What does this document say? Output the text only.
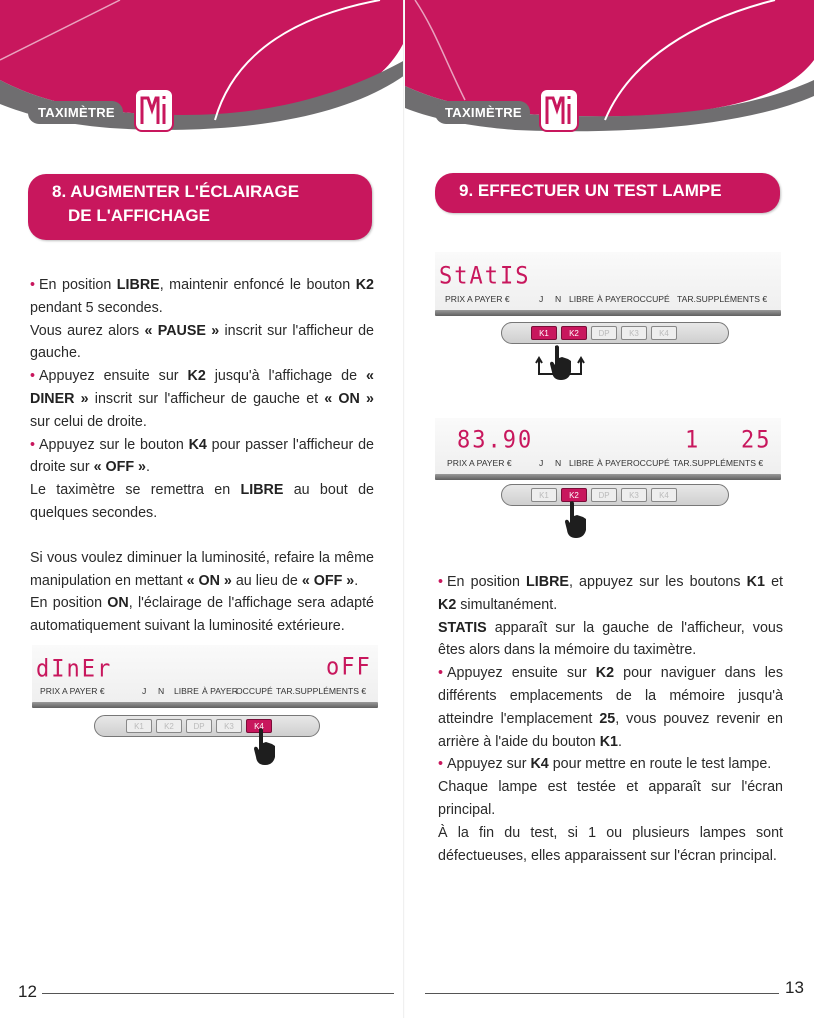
TAXIMÈTRE
8. AUGMENTER L'ÉCLAIRAGE
DE L'AFFICHAGE

• En position LIBRE, maintenir enfoncé le bouton K2 pendant 5 secondes.

Vous aurez alors « PAUSE » inscrit sur l'afficheur de gauche.

• Appuyez ensuite sur K2 jusqu'à l'affichage de « DINER » inscrit sur l'afficheur de gauche et « ON » sur celui de droite.

• Appuyez sur le bouton K4 pour passer l'afficheur de droite sur « OFF ».

Le taximètre se remettra en LIBRE au bout de quelques secondes.

Si vous voulez diminuer la luminosité, refaire la même manipulation en mettant « ON » au lieu de « OFF ».

En position ON, l'éclairage de l'affichage sera adapté automatiquement suivant la luminosité extérieure.

dInEr	oFF
PRIX A PAYER €	J N LIBRE À PAYER
OCCUPÉ TAR.SUPPLÉMENTS €
K1	K2	DP	K3	K4
12
TAXIMÈTRE
9. EFFECTUER UN TEST LAMPE
StAtIS
PRIX A PAYER €	J N LIBRE À PAYER OCCUPÉ TAR.SUPPLÉMENTS €
K1	K2	DP	K3	K4
83.90	1 25
PRIX A PAYER €	J N LIBRE À PAYER OCCUPÉ TAR.SUPPLÉMENTS €
K1	K2	DP	K3	K4

• En position LIBRE, appuyez sur les boutons K1 et K2 simultanément.

STATIS apparaît sur la gauche de l'afficheur, vous êtes alors dans la mémoire du taximètre.

• Appuyez ensuite sur K2 pour naviguer dans les différents emplacements de la mémoire jusqu'à atteindre l'emplacement 25, vous pouvez revenir en arrière à l'aide du bouton K1.

• Appuyez sur K4 pour mettre en route le test lampe.

Chaque lampe est testée et apparaît sur l'écran principal.

À la fin du test, si 1 ou plusieurs lampes sont défectueuses, elles apparaissent sur l'écran principal.

13
